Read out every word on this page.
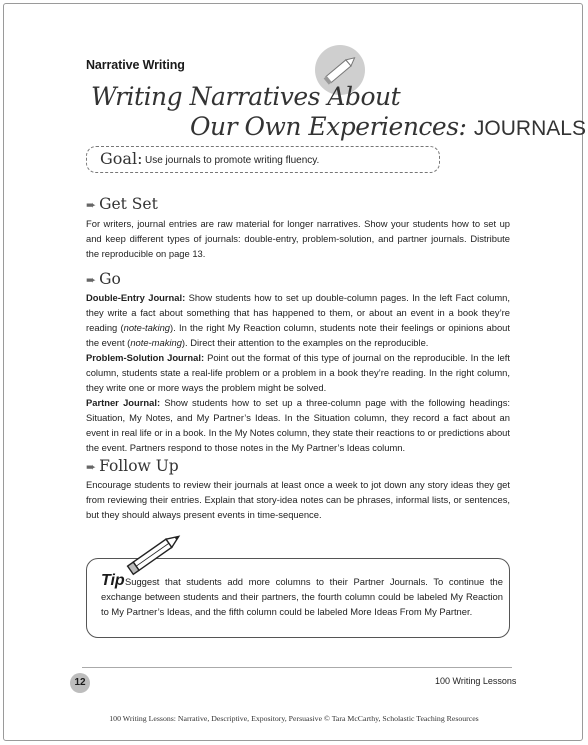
Narrative Writing
Writing Narratives About
Our Own Experiences: JOURNALS
Goal: Use journals to promote writing fluency.
➨ Get Set
For writers, journal entries are raw material for longer narratives. Show your students how to set up and keep different types of journals: double-entry, problem-solution, and partner journals. Distribute the reproducible on page 13.
➨ Go

Double-Entry Journal: Show students how to set up double-column pages. In the left Fact column, they write a fact about something that has happened to them, or about an event in a book they’re reading (note-taking). In the right My Reaction column, students note their feelings or opinions about the event (note-making). Direct their attention to the examples on the reproducible.

Problem-Solution Journal: Point out the format of this type of journal on the reproducible. In the left column, students state a real-life problem or a problem in a book they’re reading. In the right column, they write one or more ways the problem might be solved.

Partner Journal: Show students how to set up a three-column page with the following headings: Situation, My Notes, and My Partner’s Ideas. In the Situation column, they record a fact about an event in real life or in a book. In the My Notes column, they state their reactions to or predictions about the event. Partners respond to those notes in the My Partner’s Ideas column.

➨ Follow Up
Encourage students to review their journals at least once a week to jot down any story ideas they get from reviewing their entries. Explain that story-idea notes can be phrases, informal lists, or sentences, but they should always present events in time-sequence.
Suggest that students add more columns to their Partner Journals. To continue the exchange between students and their partners, the fourth column could be labeled My Reaction to My Partner’s Ideas, and the fifth column could be labeled More Ideas From My Partner.
Tip
12	100 Writing Lessons
100 Writing Lessons: Narrative, Descriptive, Expository, Persuasive © Tara McCarthy, Scholastic Teaching Resources
